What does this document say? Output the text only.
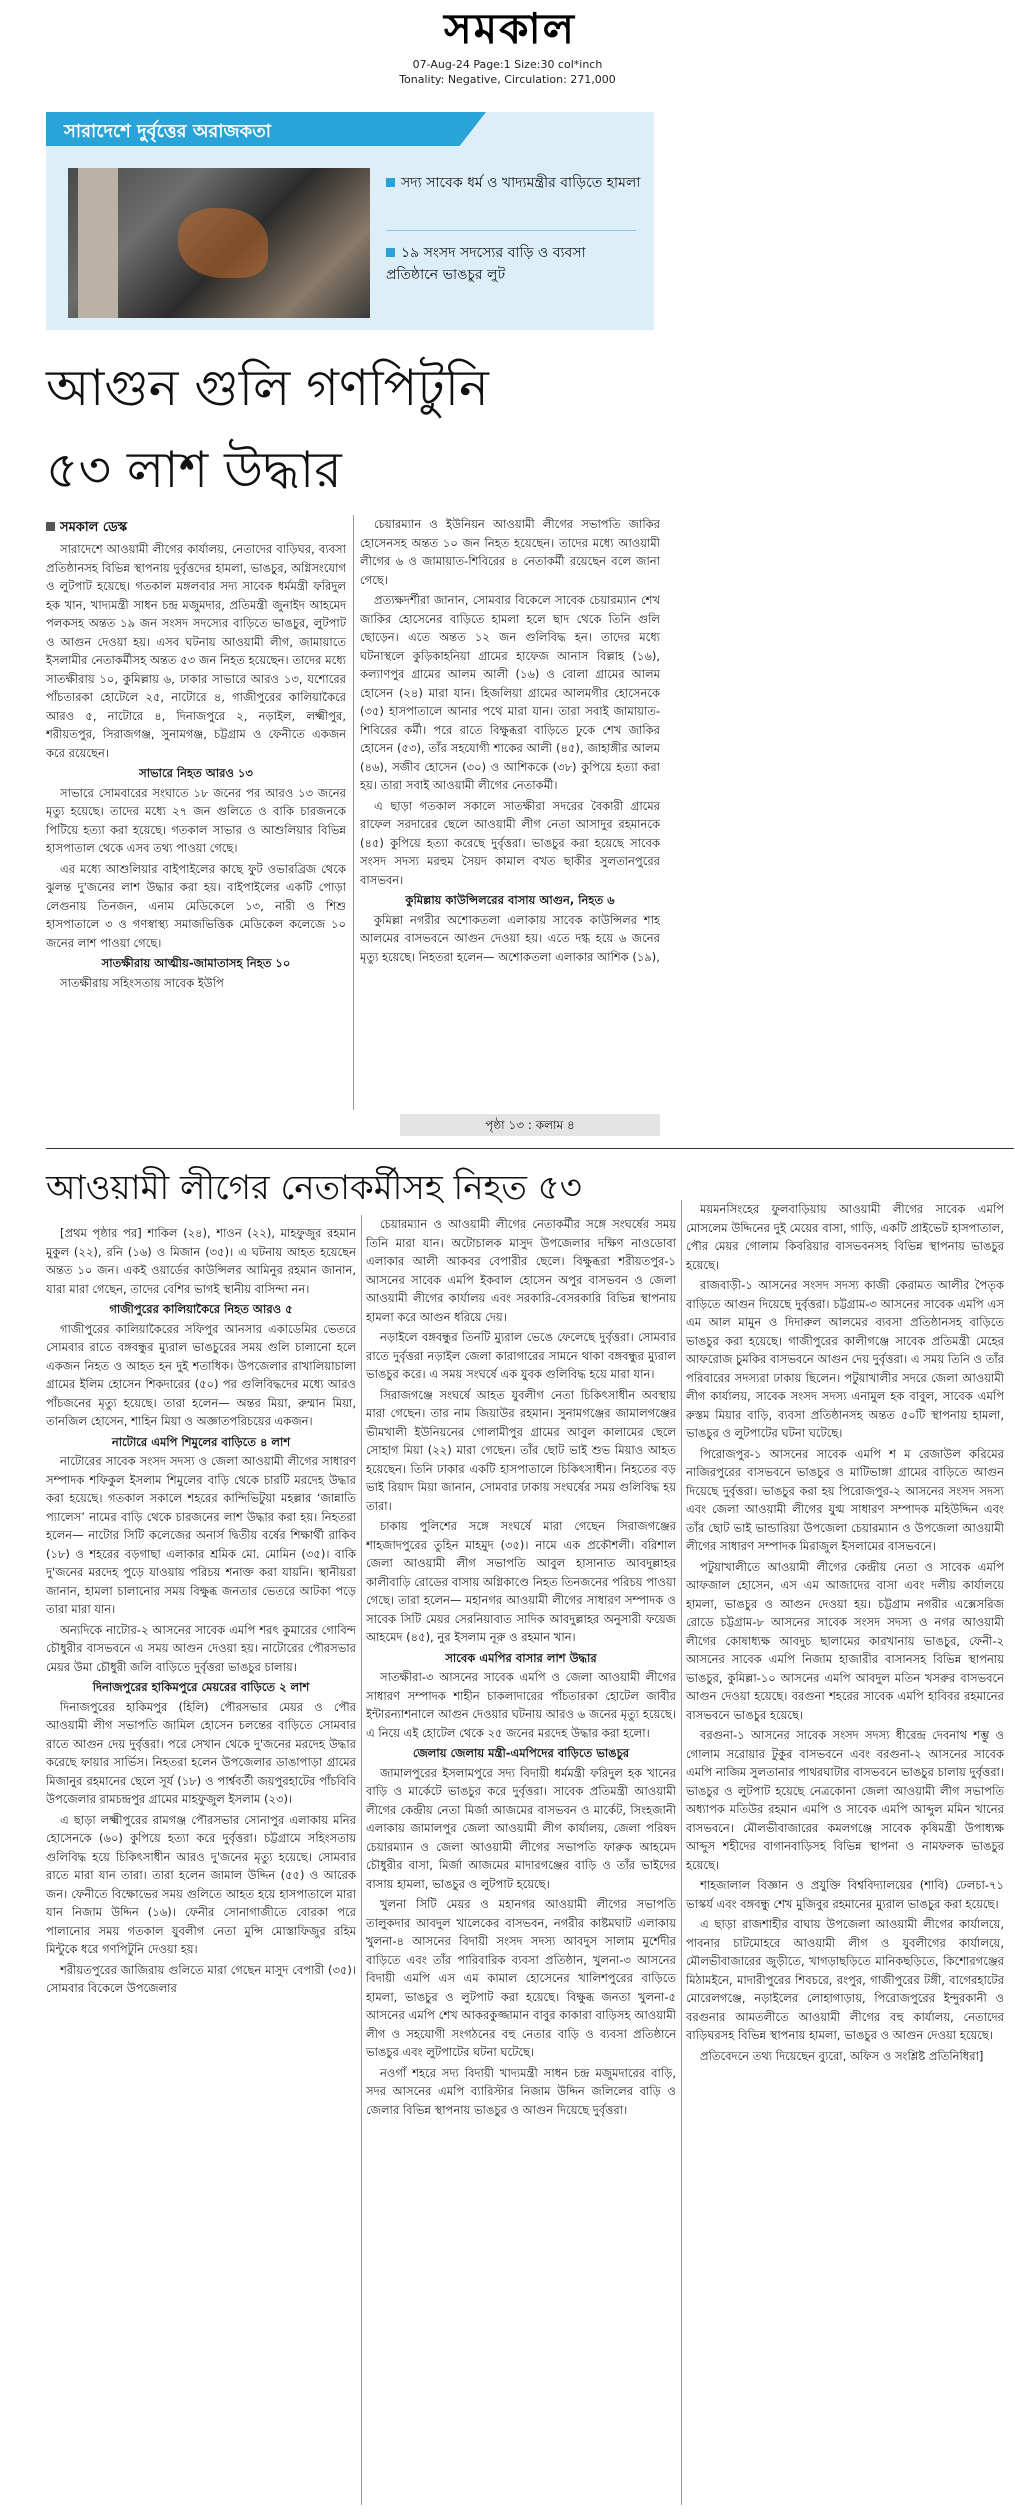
সমকাল
07-Aug-24 Page:1 Size:30 col*inch
Tonality: Negative, Circulation: 271,000
সারাদেশে দুর্বৃত্তের অরাজকতা
সদ্য সাবেক ধর্ম ও খাদ্যমন্ত্রীর বাড়িতে হামলা
১৯ সংসদ সদস্যের বাড়ি ও ব্যবসা প্রতিষ্ঠানে ভাঙচুর লুট
আগুন গুলি গণপিটুনি
৫৩ লাশ উদ্ধার
সমকাল ডেস্ক

সারাদেশে আওয়ামী লীগের কার্যালয়, নেতাদের বাড়িঘর, ব্যবসা প্রতিষ্ঠানসহ বিভিন্ন স্থাপনায় দুর্বৃত্তদের হামলা, ভাঙচুর, অগ্নিসংযোগ ও লুটপাট হয়েছে। গতকাল মঙ্গলবার সদ্য সাবেক ধর্মমন্ত্রী ফরিদুল হক খান, খাদ্যমন্ত্রী সাধন চন্দ্র মজুমদার, প্রতিমন্ত্রী জুনাইদ আহমেদ পলকসহ অন্তত ১৯ জন সংসদ সদস্যের বাড়িতে ভাঙচুর, লুটপাট ও আগুন দেওয়া হয়। এসব ঘটনায় আওয়ামী লীগ, জামায়াতে ইসলামীর নেতাকর্মীসহ অন্তত ৫৩ জন নিহত হয়েছেন। তাদের মধ্যে সাতক্ষীরায় ১০, কুমিল্লায় ৬, ঢাকার সাভারে আরও ১৩, যশোরের পাঁচতারকা হোটেলে ২৫, নাটোরে ৪, গাজীপুরের কালিয়াকৈরে আরও ৫, নাটোরে ৪, দিনাজপুরে ২, নড়াইল, লক্ষ্মীপুর, শরীয়তপুর, সিরাজগঞ্জ, সুনামগঞ্জ, চট্টগ্রাম ও ফেনীতে একজন করে রয়েছেন।

সাভারে নিহত আরও ১৩

সাভারে সোমবারের সংঘাতে ১৮ জনের পর আরও ১৩ জনের মৃত্যু হয়েছে। তাদের মধ্যে ২৭ জন গুলিতে ও বাকি চারজনকে পিটিয়ে হত্যা করা হয়েছে। গতকাল সাভার ও আশুলিয়ার বিভিন্ন হাসপাতাল থেকে এসব তথ্য পাওয়া গেছে।

এর মধ্যে আশুলিয়ার বাইপাইলের কাছে ফুট ওভারব্রিজ থেকে ঝুলন্ত দু'জনের লাশ উদ্ধার করা হয়। বাইপাইলের একটি পোড়া লেগুনায় তিনজন, এনাম মেডিকেলে ১৩, নারী ও শিশু হাসপাতালে ৩ ও গণস্বাস্থ্য সমাজভিত্তিক মেডিকেল কলেজে ১০ জনের লাশ পাওয়া গেছে।

সাতক্ষীরায় আত্মীয়-জামাতাসহ নিহত ১০

সাতক্ষীরায় সহিংসতায় সাবেক ইউপি

চেয়ারম্যান ও ইউনিয়ন আওয়ামী লীগের সভাপতি জাকির হোসেনসহ অন্তত ১০ জন নিহত হয়েছেন। তাদের মধ্যে আওয়ামী লীগের ৬ ও জামায়াত-শিবিরের ৪ নেতাকর্মী রয়েছেন বলে জানা গেছে।

প্রত্যক্ষদর্শীরা জানান, সোমবার বিকেলে সাবেক চেয়ারম্যান শেখ জাকির হোসেনের বাড়িতে হামলা হলে ছাদ থেকে তিনি গুলি ছোড়েন। এতে অন্তত ১২ জন গুলিবিদ্ধ হন। তাদের মধ্যে ঘটনাস্থলে কুড়িকাহনিয়া গ্রামের হাফেজ আনাস বিল্লাহ (১৬), কল্যাণপুর গ্রামের আলম আলী (১৬) ও বোলা গ্রামের আলম হোসেন (২৪) মারা যান। হিজলিয়া গ্রামের আলমগীর হোসেনকে (৩৫) হাসপাতালে আনার পথে মারা যান। তারা সবাই জামায়াত-শিবিরের কর্মী। পরে রাতে বিক্ষুব্ধরা বাড়িতে ঢুকে শেখ জাকির হোসেন (৫৩), তাঁর সহযোগী শাকের আলী (৪৫), জাহাঙ্গীর আলম (৪৬), সজীব হোসেন (৩০) ও আশিককে (৩৮) কুপিয়ে হত্যা করা হয়। তারা সবাই আওয়ামী লীগের নেতাকর্মী।

এ ছাড়া গতকাল সকালে সাতক্ষীরা সদরের বৈকারী গ্রামের রাফেল সরদারের ছেলে আওয়ামী লীগ নেতা আসাদুর রহমানকে (৪৫) কুপিয়ে হত্যা করেছে দুর্বৃত্তরা। ভাঙচুর করা হয়েছে সাবেক সংসদ সদস্য মরহুম সৈয়দ কামাল বখত ছাকীর সুলতানপুরের বাসভবন।

কুমিল্লায় কাউন্সিলরের বাসায় আগুন, নিহত ৬

কুমিল্লা নগরীর অশোকতলা এলাকায় সাবেক কাউন্সিলর শাহ আলমের বাসভবনে আগুন দেওয়া হয়। এতে দগ্ধ হয়ে ৬ জনের মৃত্যু হয়েছে। নিহতরা হলেন— অশোকতলা এলাকার আশিক (১৯),

পৃষ্ঠা ১৩ : কলাম ৪
আওয়ামী লীগের নেতাকর্মীসহ নিহত ৫৩

[প্রথম পৃষ্ঠার পর] শাকিল (২৪), শাওন (২২), মাহফুজুর রহমান মুকুল (২২), রনি (১৬) ও মিজান (৩৫)। এ ঘটনায় আহত হয়েছেন অন্তত ১০ জন। একই ওয়ার্ডের কাউন্সিলর আমিনুর রহমান জানান, যারা মারা গেছেন, তাদের বেশির ভাগই স্থানীয় বাসিন্দা নন।

গাজীপুরের কালিয়াকৈরে নিহত আরও ৫

গাজীপুরের কালিয়াকৈরের সফিপুর আনসার একাডেমির ভেতরে সোমবার রাতে বঙ্গবন্ধুর ম্যুরাল ভাঙচুরের সময় গুলি চালানো হলে একজন নিহত ও আহত হন দুই শতাধিক। উপজেলার রাখালিয়াচালা গ্রামের ইলিম হোসেন শিকদারের (৫০) পর গুলিবিদ্ধদের মধ্যে আরও পাঁচজনের মৃত্যু হয়েছে। তারা হলেন— অন্তর মিয়া, রুম্মান মিয়া, তানজিল হোসেন, শাহিন মিয়া ও অজ্ঞাতপরিচয়ের একজন।

নাটোরে এমপি শিমুলের বাড়িতে ৪ লাশ

নাটোরের সাবেক সংসদ সদস্য ও জেলা আওয়ামী লীগের সাধারণ সম্পাদক শফিকুল ইসলাম শিমুলের বাড়ি থেকে চারটি মরদেহ উদ্ধার করা হয়েছে। গতকাল সকালে শহরের কান্দিভিটুয়া মহল্লার ‘জান্নাতি প্যালেস’ নামের বাড়ি থেকে চারজনের লাশ উদ্ধার করা হয়। নিহতরা হলেন— নাটোর সিটি কলেজের অনার্স দ্বিতীয় বর্ষের শিক্ষার্থী রাকিব (১৮) ও শহরের বড়গাছা এলাকার শ্রমিক মো. মোমিন (৩৫)। বাকি দু'জনের মরদেহ পুড়ে যাওয়ায় পরিচয় শনাক্ত করা যায়নি। স্থানীয়রা জানান, হামলা চালানোর সময় বিক্ষুব্ধ জনতার ভেতরে আটকা পড়ে তারা মারা যান।

অন্যদিকে নাটোর-২ আসনের সাবেক এমপি শরৎ কুমারের গোবিন্দ চৌধুরীর বাসভবনে এ সময় আগুন দেওয়া হয়। নাটোরের পৌরসভার মেয়র উমা চৌধুরী জলি বাড়িতে দুর্বৃত্তরা ভাঙচুর চালায়।

দিনাজপুরের হাকিমপুরে মেয়রের বাড়িতে ২ লাশ

দিনাজপুরের হাকিমপুর (হিলি) পৌরসভার মেয়র ও পৌর আওয়ামী লীগ সভাপতি জামিল হোসেন চলন্তের বাড়িতে সোমবার রাতে আগুন দেয় দুর্বৃত্তরা। পরে সেখান থেকে দু'জনের মরদেহ উদ্ধার করেছে ফায়ার সার্ভিস। নিহতরা হলেন উপজেলার ডাঙাপাড়া গ্রামের মিজানুর রহমানের ছেলে সূর্য (১৮) ও পার্শ্ববর্তী জয়পুরহাটের পাঁচবিবি উপজেলার রামচন্দ্রপুর গ্রামের মাহফুজুল ইসলাম (২৩)।

এ ছাড়া লক্ষ্মীপুরের রামগঞ্জ পৌরসভার সোনাপুর এলাকায় মনির হোসেনকে (৬০) কুপিয়ে হত্যা করে দুর্বৃত্তরা। চট্টগ্রামে সহিংসতায় গুলিবিদ্ধ হয়ে চিকিৎসাধীন আরও দু'জনের মৃত্যু হয়েছে। সোমবার রাতে মারা যান তারা। তারা হলেন জামাল উদ্দিন (৫৫) ও আরেক জন। ফেনীতে বিক্ষোভের সময় গুলিতে আহত হয়ে হাসপাতালে মারা যান নিজাম উদ্দিন (১৬)। ফেনীর সোনাগাজীতে বোরকা পরে পালানোর সময় গতকাল যুবলীগ নেতা মুন্সি মোস্তাফিজুর রহিম মিন্টুকে ধরে গণপিটুনি দেওয়া হয়।

শরীয়তপুরের জাজিরায় গুলিতে মারা গেছেন মাসুদ বেপারী (৩৫)। সোমবার বিকেলে উপজেলার

চেয়ারম্যান ও আওয়ামী লীগের নেতাকর্মীর সঙ্গে সংঘর্ষের সময় তিনি মারা যান। অটোচালক মাসুদ উপজেলার দক্ষিণ নাওডোবা এলাকার আলী আকবর বেপারীর ছেলে। বিক্ষুব্ধরা শরীয়তপুর-১ আসনের সাবেক এমপি ইকবাল হোসেন অপুর বাসভবন ও জেলা আওয়ামী লীগের কার্যালয় এবং সরকারি-বেসরকারি বিভিন্ন স্থাপনায় হামলা করে আগুন ধরিয়ে দেয়।

নড়াইলে বঙ্গবন্ধুর তিনটি ম্যুরাল ভেঙে ফেলেছে দুর্বৃত্তরা। সোমবার রাতে দুর্বৃত্তরা নড়াইল জেলা কারাগারের সামনে থাকা বঙ্গবন্ধুর ম্যুরাল ভাঙচুর করে। এ সময় সংঘর্ষে এক যুবক গুলিবিদ্ধ হয়ে মারা যান।

সিরাজগঞ্জে সংঘর্ষে আহত যুবলীগ নেতা চিকিৎসাধীন অবস্থায় মারা গেছেন। তার নাম জিয়াউর রহমান। সুনামগঞ্জের জামালগঞ্জের ভীমখালী ইউনিয়নের গোলামীপুর গ্রামের আবুল কালামের ছেলে সোহাগ মিয়া (২২) মারা গেছেন। তাঁর ছোট ভাই শুভ মিয়াও আহত হয়েছেন। তিনি ঢাকার একটি হাসপাতালে চিকিৎসাধীন। নিহতের বড় ভাই রিয়াদ মিয়া জানান, সোমবার ঢাকায় সংঘর্ষের সময় গুলিবিদ্ধ হয় তারা।

চাকায় পুলিশের সঙ্গে সংঘর্ষে মারা গেছেন সিরাজগঞ্জের শাহজাদপুরের তুহিন মাহমুদ (৩৫)। নামে এক প্রকৌশলী। বরিশাল জেলা আওয়ামী লীগ সভাপতি আবুল হাসানাত আবদুল্লাহর কালীবাড়ি রোডের বাসায় অগ্নিকাণ্ডে নিহত তিনজনের পরিচয় পাওয়া গেছে। তারা হলেন— মহানগর আওয়ামী লীগের সাধারণ সম্পাদক ও সাবেক সিটি মেয়র সেরনিয়াবাত সাদিক আবদুল্লাহর অনুসারী ফয়েজ আহমেদ (৪৫), নুর ইসলাম নূরু ও রহমান খান।

সাবেক এমপির বাসার লাশ উদ্ধার

সাতক্ষীরা-৩ আসনের সাবেক এমপি ও জেলা আওয়ামী লীগের সাধারণ সম্পাদক শাহীন চাকলাদারের পাঁচতারকা হোটেল জাবীর ইন্টারন্যাশনালে আগুন দেওয়ার ঘটনায় আরও ৬ জনের মৃত্যু হয়েছে। এ নিয়ে এই হোটেল থেকে ২৫ জনের মরদেহ উদ্ধার করা হলো।

জেলায় জেলায় মন্ত্রী-এমপিদের বাড়িতে ভাঙচুর

জামালপুরের ইসলামপুরে সদ্য বিদায়ী ধর্মমন্ত্রী ফরিদুল হক খানের বাড়ি ও মার্কেটে ভাঙচুর করে দুর্বৃত্তরা। সাবেক প্রতিমন্ত্রী আওয়ামী লীগের কেন্দ্রীয় নেতা মির্জা আজমের বাসভবন ও মার্কেট, সিংহজানী এলাকায় জামালপুর জেলা আওয়ামী লীগ কার্যালয়, জেলা পরিষদ চেয়ারম্যান ও জেলা আওয়ামী লীগের সভাপতি ফারুক আহমেদ চৌধুরীর বাসা, মির্জা আজমের মাদারগঞ্জের বাড়ি ও তাঁর ভাইদের বাসায় হামলা, ভাঙচুর ও লুটপাট হয়েছে।

খুলনা সিটি মেয়র ও মহানগর আওয়ামী লীগের সভাপতি তালুকদার আবদুল খালেকের বাসভবন, নগরীর কাষ্টমঘাট এলাকায় খুলনা-৪ আসনের বিদায়ী সংসদ সদস্য আবদুস সালাম মুর্শেদীর বাড়িতে এবং তাঁর পারিবারিক ব্যবসা প্রতিষ্ঠান, খুলনা-৩ আসনের বিদায়ী এমপি এস এম কামাল হোসেনের খালিশপুরের বাড়িতে হামলা, ভাঙচুর ও লুটপাট করা হয়েছে। বিক্ষুব্ধ জনতা খুলনা-৫ আসনের এমপি শেখ আকরকুজ্জামান বাবুর কাকারা বাড়িসহ আওয়ামী লীগ ও সহযোগী সংগঠনের বহু নেতার বাড়ি ও ব্যবসা প্রতিষ্ঠানে ভাঙচুর এবং লুটপাটের ঘটনা ঘটেছে।

নওগাঁ শহরে সদ্য বিদায়ী খাদ্যমন্ত্রী সাধন চন্দ্র মজুমদারের বাড়ি, সদর আসনের এমপি ব্যারিস্টার নিজাম উদ্দিন জলিলের বাড়ি ও জেলার বিভিন্ন স্থাপনায় ভাঙচুর ও আগুন দিয়েছে দুর্বৃত্তরা।

ময়মনসিংহের ফুলবাড়িয়ায় আওয়ামী লীগের সাবেক এমপি মোসলেম উদ্দিনের দুই মেয়ের বাসা, গাড়ি, একটি প্রাইভেট হাসপাতাল, পৌর মেয়র গোলাম কিবরিয়ার বাসভবনসহ বিভিন্ন স্থাপনায় ভাঙচুর হয়েছে।

রাজবাড়ী-১ আসনের সংসদ সদস্য কাজী কেরামত আলীর পৈতৃক বাড়িতে আগুন দিয়েছে দুর্বৃত্তরা। চট্টগ্রাম-৩ আসনের সাবেক এমপি এস এম আল মামুন ও দিদারুল আলমের ব্যবসা প্রতিষ্ঠানসহ বাড়িতে ভাঙচুর করা হয়েছে। গাজীপুরের কালীগঞ্জে সাবেক প্রতিমন্ত্রী মেহের আফরোজ চুমকির বাসভবনে আগুন দেয় দুর্বৃত্তরা। এ সময় তিনি ও তাঁর পরিবারের সদস্যরা ঢাকায় ছিলেন। পটুয়াখালীর সদরে জেলা আওয়ামী লীগ কার্যালয়, সাবেক সংসদ সদস্য এনামুল হক বাবুল, সাবেক এমপি রুস্তম মিয়ার বাড়ি, ব্যবসা প্রতিষ্ঠানসহ অন্তত ৫০টি স্থাপনায় হামলা, ভাঙচুর ও লুটপাটের ঘটনা ঘটেছে।

পিরোজপুর-১ আসনের সাবেক এমপি শ ম রেজাউল করিমের নাজিরপুরের বাসভবনে ভাঙচুর ও মাটিভাঙ্গা গ্রামের বাড়িতে আগুন দিয়েছে দুর্বৃত্তরা। ভাঙচুর করা হয় পিরোজপুর-২ আসনের সংসদ সদস্য এবং জেলা আওয়ামী লীগের যুগ্ম সাধারণ সম্পাদক মহিউদ্দিন এবং তাঁর ছোট ভাই ভান্ডারিয়া উপজেলা চেয়ারম্যান ও উপজেলা আওয়ামী লীগের সাধারণ সম্পাদক মিরাজুল ইসলামের বাসভবনে।

পটুয়াখালীতে আওয়ামী লীগের কেন্দ্রীয় নেতা ও সাবেক এমপি আফজাল হোসেন, এস এম আজাদের বাসা এবং দলীয় কার্যালয়ে হামলা, ভাঙচুর ও আগুন দেওয়া হয়। চট্টগ্রাম নগরীর এক্সেসরিজ রোডে চট্টগ্রাম-৮ আসনের সাবেক সংসদ সদস্য ও নগর আওয়ামী লীগের কোষাধ্যক্ষ আবদুচ ছালামের কারখানায় ভাঙচুর, ফেনী-২ আসনের সাবেক এমপি নিজাম হাজারীর বাসানসহ বিভিন্ন স্থাপনায় ভাঙচুর, কুমিল্লা-১০ আসনের এমপি আবদুল মতিন খসরুর বাসভবনে আগুন দেওয়া হয়েছে। বরগুনা শহরের সাবেক এমপি হাবিবর রহমানের বাসভবনে ভাঙচুর হয়েছে।

বরগুনা-১ আসনের সাবেক সংসদ সদস্য ধীরেন্দ্র দেবনাথ শম্ভু ও গোলাম সরোয়ার টুকুর বাসভবনে এবং বরগুনা-২ আসনের সাবেক এমপি নাজিম সুলতানার পাথরঘাটার বাসভবনে ভাঙচুর চালায় দুর্বৃত্তরা। ভাঙচুর ও লুটপাট হয়েছে নেত্রকোনা জেলা আওয়ামী লীগ সভাপতি অধ্যাপক মতিউর রহমান এমপি ও সাবেক এমপি আব্দুল মমিন খানের বাসভবনে। মৌলভীবাজারের কমলগঞ্জে সাবেক কৃষিমন্ত্রী উপাধ্যক্ষ আব্দুস শহীদের বাগানবাড়িসহ বিভিন্ন স্থাপনা ও নামফলক ভাঙচুর হয়েছে।

শাহজালাল বিজ্ঞান ও প্রযুক্তি বিশ্ববিদ্যালয়ের (শাবি) ঢেলচা-৭১ ভাস্কর্য এবং বঙ্গবন্ধু শেখ মুজিবুর রহমানের ম্যুরাল ভাঙচুর করা হয়েছে।

এ ছাড়া রাজশাহীর বাঘায় উপজেলা আওয়ামী লীগের কার্যালয়ে, পাবনার চাটমোহরে আওয়ামী লীগ ও যুবলীগের কার্যালয়ে, মৌলভীবাজারের জুড়ীতে, খাগড়াছড়িতে মানিকছড়িতে, কিশোরগঞ্জের মিঠামইনে, মাদারীপুরের শিবচরে, রংপুর, গাজীপুরের টঙ্গী, বাগেরহাটের মোরেলগঞ্জে, নড়াইলের লোহাগাড়ায়, পিরোজপুরের ইন্দুরকানী ও বরগুনার আমতলীতে আওয়ামী লীগের বহু কার্যালয়, নেতাদের বাড়িঘরসহ বিভিন্ন স্থাপনায় হামলা, ভাঙচুর ও আগুন দেওয়া হয়েছে।

প্রতিবেদনে তথ্য দিয়েছেন ব্যুরো, অফিস ও সংশ্লিষ্ট প্রতিনিধিরা]
